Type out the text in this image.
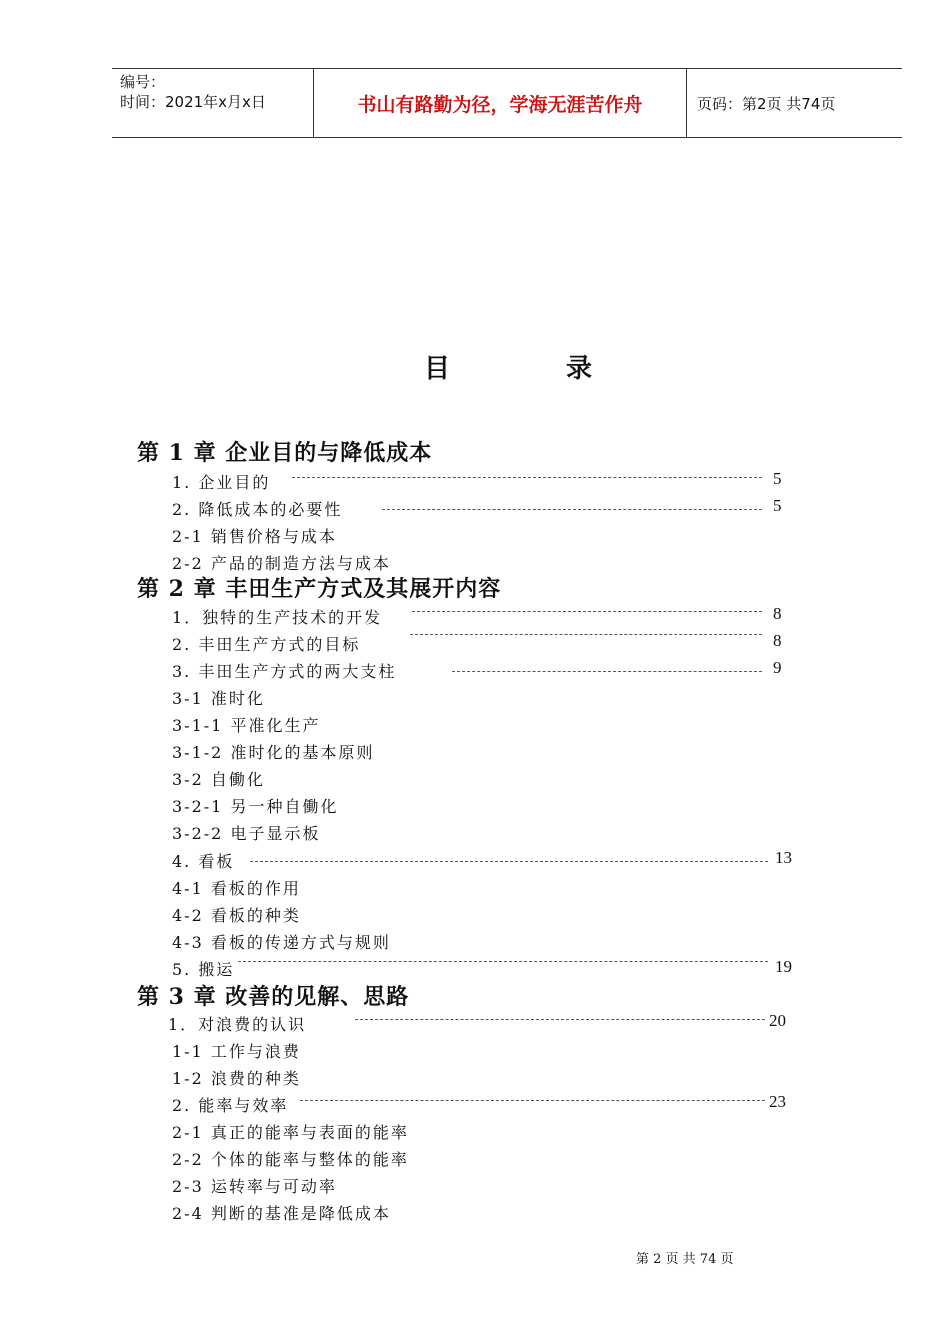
编号：
时间：2021年x月x日	书山有路勤为径，学海无涯苦作舟	页码：第2页 共74页
目	录
第 1 章 企业目的与降低成本
1. 企业目的	5
2. 降低成本的必要性	5
2-1 销售价格与成本
2-2 产品的制造方法与成本
第 2 章 丰田生产方式及其展开内容
1．独特的生产技术的开发	8
2. 丰田生产方式的目标	8
3. 丰田生产方式的两大支柱	9
3-1 准时化
3-1-1 平准化生产
3-1-2 准时化的基本原则
3-2 自働化
3-2-1 另一种自働化
3-2-2 电子显示板
4. 看板	13
4-1 看板的作用
4-2 看板的种类
4-3 看板的传递方式与规则
5. 搬运	19
第 3 章 改善的见解、思路
1．对浪费的认识	20
1-1 工作与浪费
1-2 浪费的种类
2. 能率与效率	23
2-1 真正的能率与表面的能率
2-2 个体的能率与整体的能率
2-3 运转率与可动率
2-4 判断的基准是降低成本
第 2 页 共 74 页
